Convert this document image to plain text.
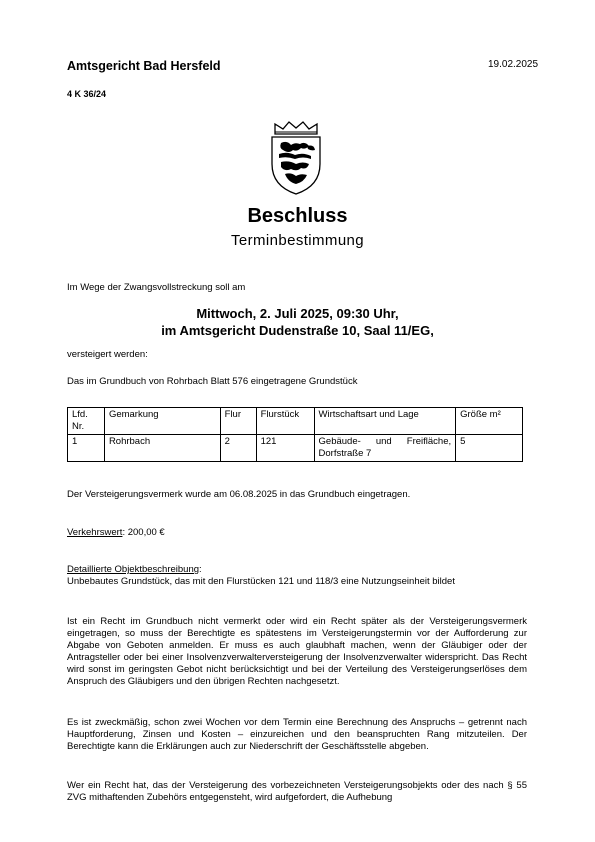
Amtsgericht Bad Hersfeld	19.02.2025
4 K 36/24
Beschluss
Terminbestimmung
Im Wege der Zwangsvollstreckung soll am
Mittwoch, 2. Juli 2025, 09:30 Uhr,
im Amtsgericht Dudenstraße 10, Saal 11/EG,
versteigert werden:
Das im Grundbuch von Rohrbach Blatt 576 eingetragene Grundstück
Lfd. Nr.	Gemarkung	Flur	Flurstück	Wirtschaftsart und Lage	Größe m²
1	Rohrbach	2	121	Gebäude- und Freifläche,
Dorfstraße 7	5
Der Versteigerungsvermerk wurde am 06.08.2025 in das Grundbuch eingetragen.
Verkehrswert: 200,00 €
Detaillierte Objektbeschreibung:
Unbebautes Grundstück, das mit den Flurstücken 121 und 118/3 eine Nutzungseinheit bildet
Ist ein Recht im Grundbuch nicht vermerkt oder wird ein Recht später als der Versteigerungsvermerk eingetragen, so muss der Berechtigte es spätestens im Versteigerungstermin vor der Aufforderung zur Abgabe von Geboten anmelden. Er muss es auch glaubhaft machen, wenn der Gläubiger oder der Antragsteller oder bei einer Insolvenzverwalterversteigerung der Insolvenzverwalter widerspricht. Das Recht wird sonst im geringsten Gebot nicht berücksichtigt und bei der Verteilung des Versteigerungserlöses dem Anspruch des Gläubigers und den übrigen Rechten nachgesetzt.
Es ist zweckmäßig, schon zwei Wochen vor dem Termin eine Berechnung des Anspruchs – getrennt nach Hauptforderung, Zinsen und Kosten – einzureichen und den beanspruchten Rang mitzuteilen. Der Berechtigte kann die Erklärungen auch zur Niederschrift der Geschäftsstelle abgeben.
Wer ein Recht hat, das der Versteigerung des vorbezeichneten Versteigerungsobjekts oder des nach § 55 ZVG mithaftenden Zubehörs entgegensteht, wird aufgefordert, die Aufhebung
